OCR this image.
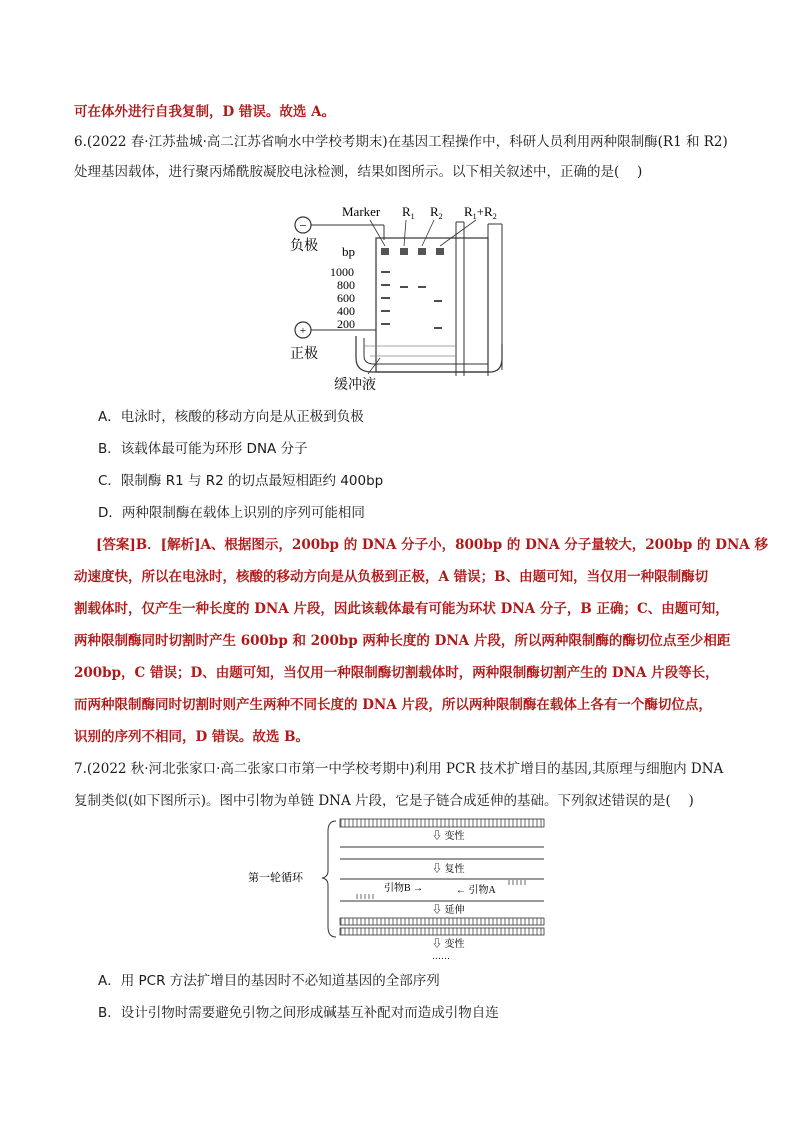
可在体外进行自我复制，D 错误。故选 A。
6.(2022 春·江苏盐城·高二江苏省响水中学校考期末)在基因工程操作中，科研人员利用两种限制酶(R1 和 R2)
处理基因载体，进行聚丙烯酰胺凝胶电泳检测，结果如图所示。以下相关叙述中，正确的是(　 )
−
负极
+
正极
Marker $R_1$ $R_2$ $R_1+R_2$
bp
1000
800
600
400
200
缓冲液
A．电泳时，核酸的移动方向是从正极到负极
B．该载体最可能为环形 DNA 分子
C．限制酶 R1 与 R2 的切点最短相距约 400bp
D．两种限制酶在载体上识别的序列可能相同
[答案]B．[解析]A、根据图示，200bp 的 DNA 分子小，800bp 的 DNA 分子量较大，200bp 的 DNA 移
动速度快，所以在电泳时，核酸的移动方向是从负极到正极，A 错误；B、由题可知，当仅用一种限制酶切
割载体时，仅产生一种长度的 DNA 片段，因此该载体最有可能为环状 DNA 分子，B 正确；C、由题可知，
两种限制酶同时切割时产生 600bp 和 200bp 两种长度的 DNA 片段，所以两种限制酶的酶切位点至少相距
200bp，C 错误；D、由题可知，当仅用一种限制酶切割载体时，两种限制酶切割产生的 DNA 片段等长，
而两种限制酶同时切割时则产生两种不同长度的 DNA 片段，所以两种限制酶在载体上各有一个酶切位点，
识别的序列不相同，D 错误。故选 B。
7.(2022 秋·河北张家口·高二张家口市第一中学校考期中)利用 PCR 技术扩增目的基因,其原理与细胞内 DNA
复制类似(如下图所示)。图中引物为单链 DNA 片段，它是子链合成延伸的基础。下列叙述错误的是(　 )
第一轮循环
⇩ 变性
⇩ 复性
← 引物A
引物B →
⇩ 延伸
⇩ 变性
……
A．用 PCR 方法扩增目的基因时不必知道基因的全部序列
B．设计引物时需要避免引物之间形成碱基互补配对而造成引物自连
